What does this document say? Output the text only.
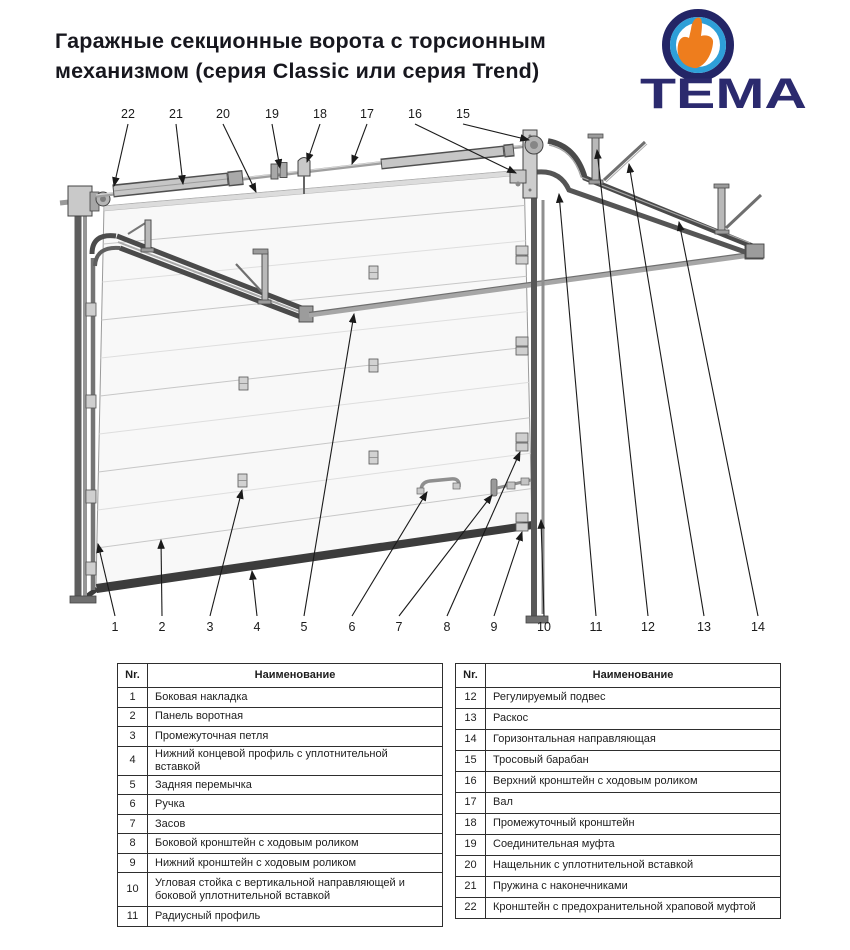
Гаражные секционные ворота с торсионным
механизмом (серия Classic или серия Trend) ТЕМА
22	21	20	19	18	17	16	15
1	2	3	4	5	6	7	8	9	10	11	12	13	14
Nr.	Наименование
1	Боковая накладка
2	Панель воротная
3	Промежуточная петля
4	Нижний концевой профиль с уплотнительной вставкой
5	Задняя перемычка
6	Ручка
7	Засов
8	Боковой кронштейн с ходовым роликом
9	Нижний кронштейн с ходовым роликом
10	Угловая стойка с вертикальной направляющей и боковой уплотнительной вставкой
11	Радиусный профиль
Nr.	Наименование
12	Регулируемый подвес
13	Раскос
14	Горизонтальная направляющая
15	Тросовый барабан
16	Верхний кронштейн с ходовым роликом
17	Вал
18	Промежуточный кронштейн
19	Соединительная муфта
20	Нащельник с уплотнительной вставкой
21	Пружина с наконечниками
22	Кронштейн с предохранительной храповой муфтой
